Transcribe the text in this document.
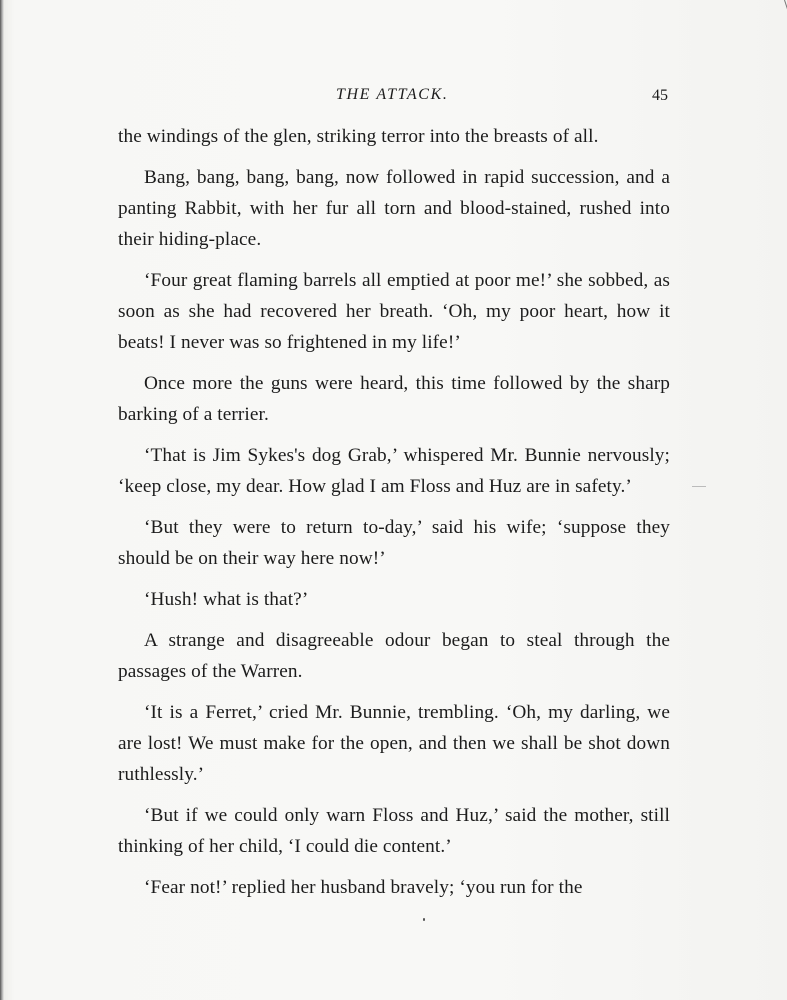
THE ATTACK.	45

the windings of the glen, striking terror into the breasts of all.

Bang, bang, bang, bang, now followed in rapid succession, and a panting Rabbit, with her fur all torn and blood-stained, rushed into their hiding-place.

‘Four great flaming barrels all emptied at poor me!’ she sobbed, as soon as she had recovered her breath. ‘Oh, my poor heart, how it beats! I never was so frightened in my life!’

Once more the guns were heard, this time followed by the sharp barking of a terrier.

‘That is Jim Sykes's dog Grab,’ whispered Mr. Bunnie nervously; ‘keep close, my dear. How glad I am Floss and Huz are in safety.’

‘But they were to return to-day,’ said his wife; ‘suppose they should be on their way here now!’

‘Hush! what is that?’

A strange and disagreeable odour began to steal through the passages of the Warren.

‘It is a Ferret,’ cried Mr. Bunnie, trembling. ‘Oh, my darling, we are lost! We must make for the open, and then we shall be shot down ruthlessly.’

‘But if we could only warn Floss and Huz,’ said the mother, still thinking of her child, ‘I could die content.’

‘Fear not!’ replied her husband bravely; ‘you run for the
